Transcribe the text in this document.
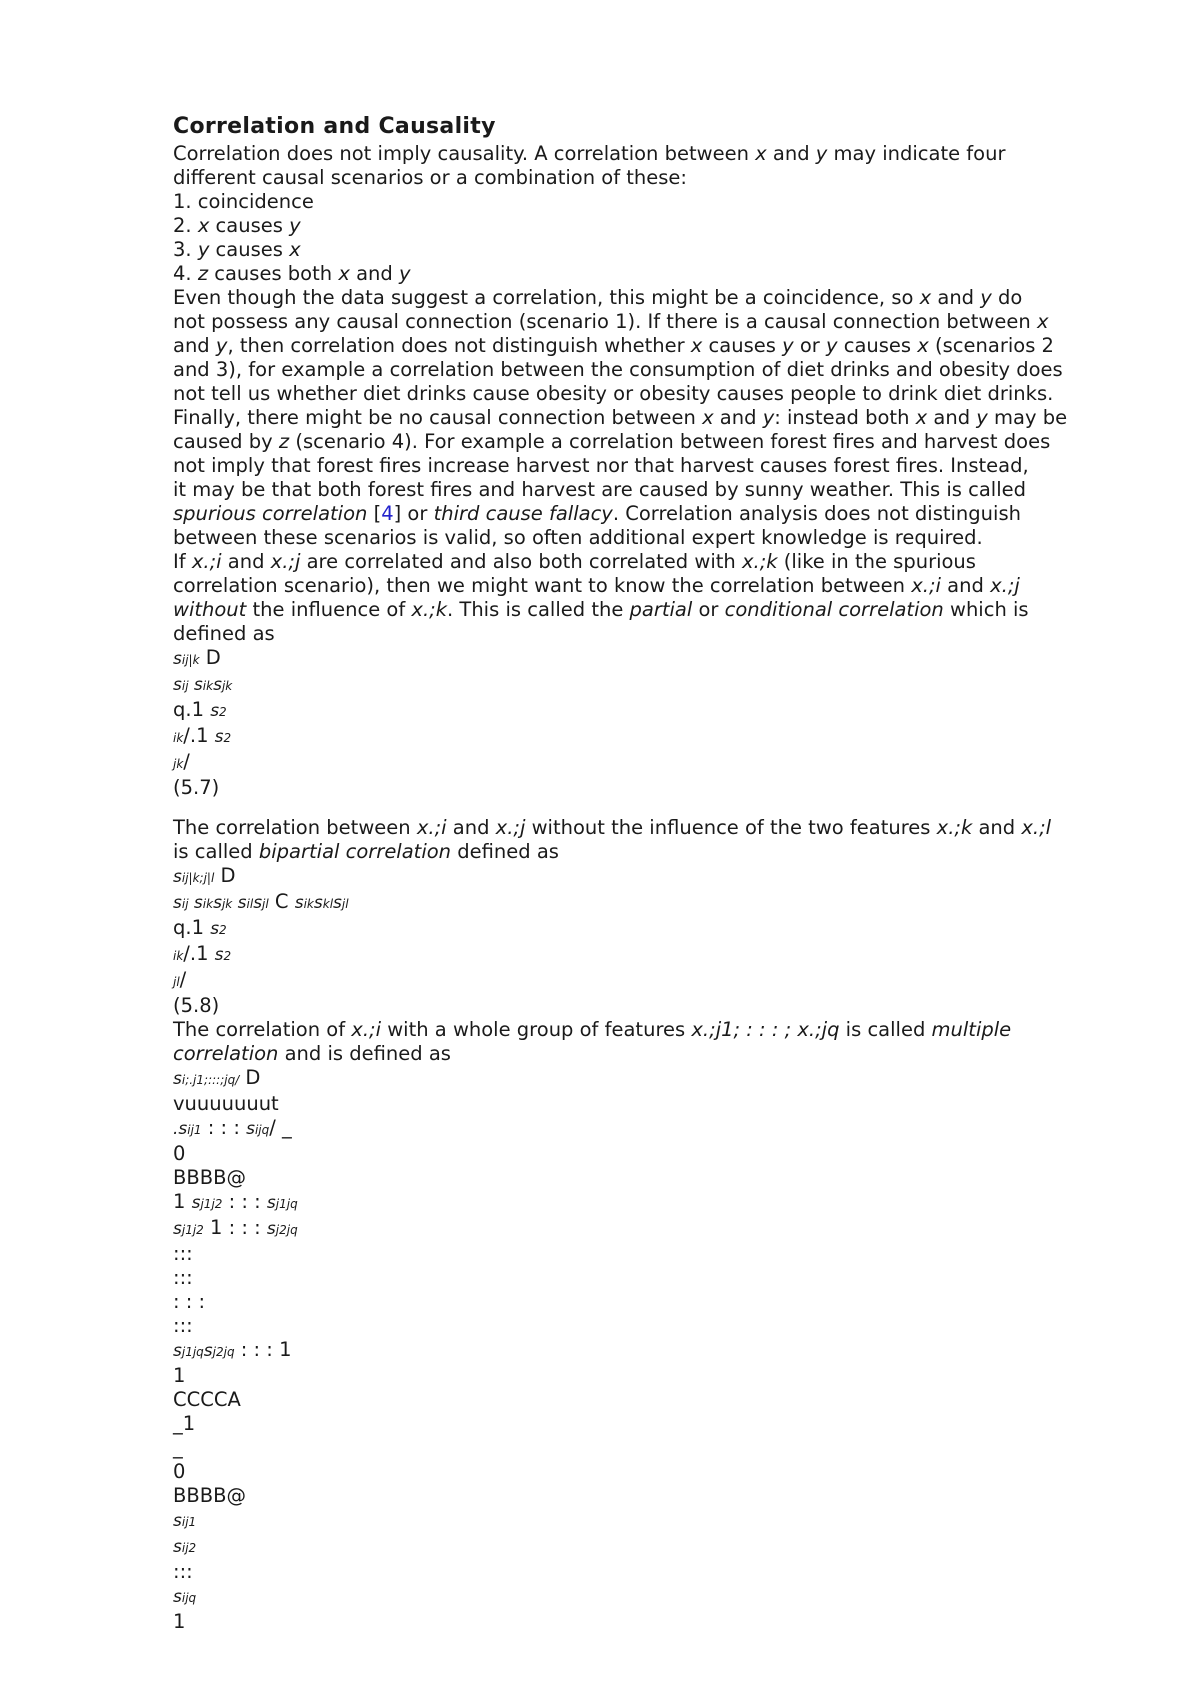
Correlation and Causality
Correlation does not imply causality. A correlation between x and y may indicate four
different causal scenarios or a combination of these:
1. coincidence
2. x causes y
3. y causes x
4. z causes both x and y
Even though the data suggest a correlation, this might be a coincidence, so x and y do
not possess any causal connection (scenario 1). If there is a causal connection between x
and y, then correlation does not distinguish whether x causes y or y causes x (scenarios 2
and 3), for example a correlation between the consumption of diet drinks and obesity does
not tell us whether diet drinks cause obesity or obesity causes people to drink diet drinks.
Finally, there might be no causal connection between x and y: instead both x and y may be
caused by z (scenario 4). For example a correlation between forest fires and harvest does
not imply that forest fires increase harvest nor that harvest causes forest fires. Instead,
it may be that both forest fires and harvest are caused by sunny weather. This is called
spurious correlation [4] or third cause fallacy. Correlation analysis does not distinguish
between these scenarios is valid, so often additional expert knowledge is required.
If x.;i and x.;j are correlated and also both correlated with x.;k (like in the spurious
correlation scenario), then we might want to know the correlation between x.;i and x.;j
without the influence of x.;k. This is called the partial or conditional correlation which is
defined as
sij|k D
sij siksjk
q.1 s2
ik/.1 s2
jk/
(5.7)
The correlation between x.;i and x.;j without the influence of the two features x.;k and x.;l
is called bipartial correlation defined as
sij|k;j|l D
sij siksjk silsjl C siksklsjl
q.1 s2
ik/.1 s2
jl/
(5.8)
The correlation of x.;i with a whole group of features x.;j1; : : : ; x.;jq is called multiple
correlation and is defined as
si;.j1;:::;jq/ D
vuuuuuuut
.sij1 : : : sijq/ _
0
BBBB@
1 sj1j2 : : : sj1jq
sj1j2 1 : : : sj2jq
:::
:::
: : :
:::
sj1jqsj2jq : : : 1
1
CCCCA
_1
_
0
BBBB@
sij1
sij2
:::
sijq
1
